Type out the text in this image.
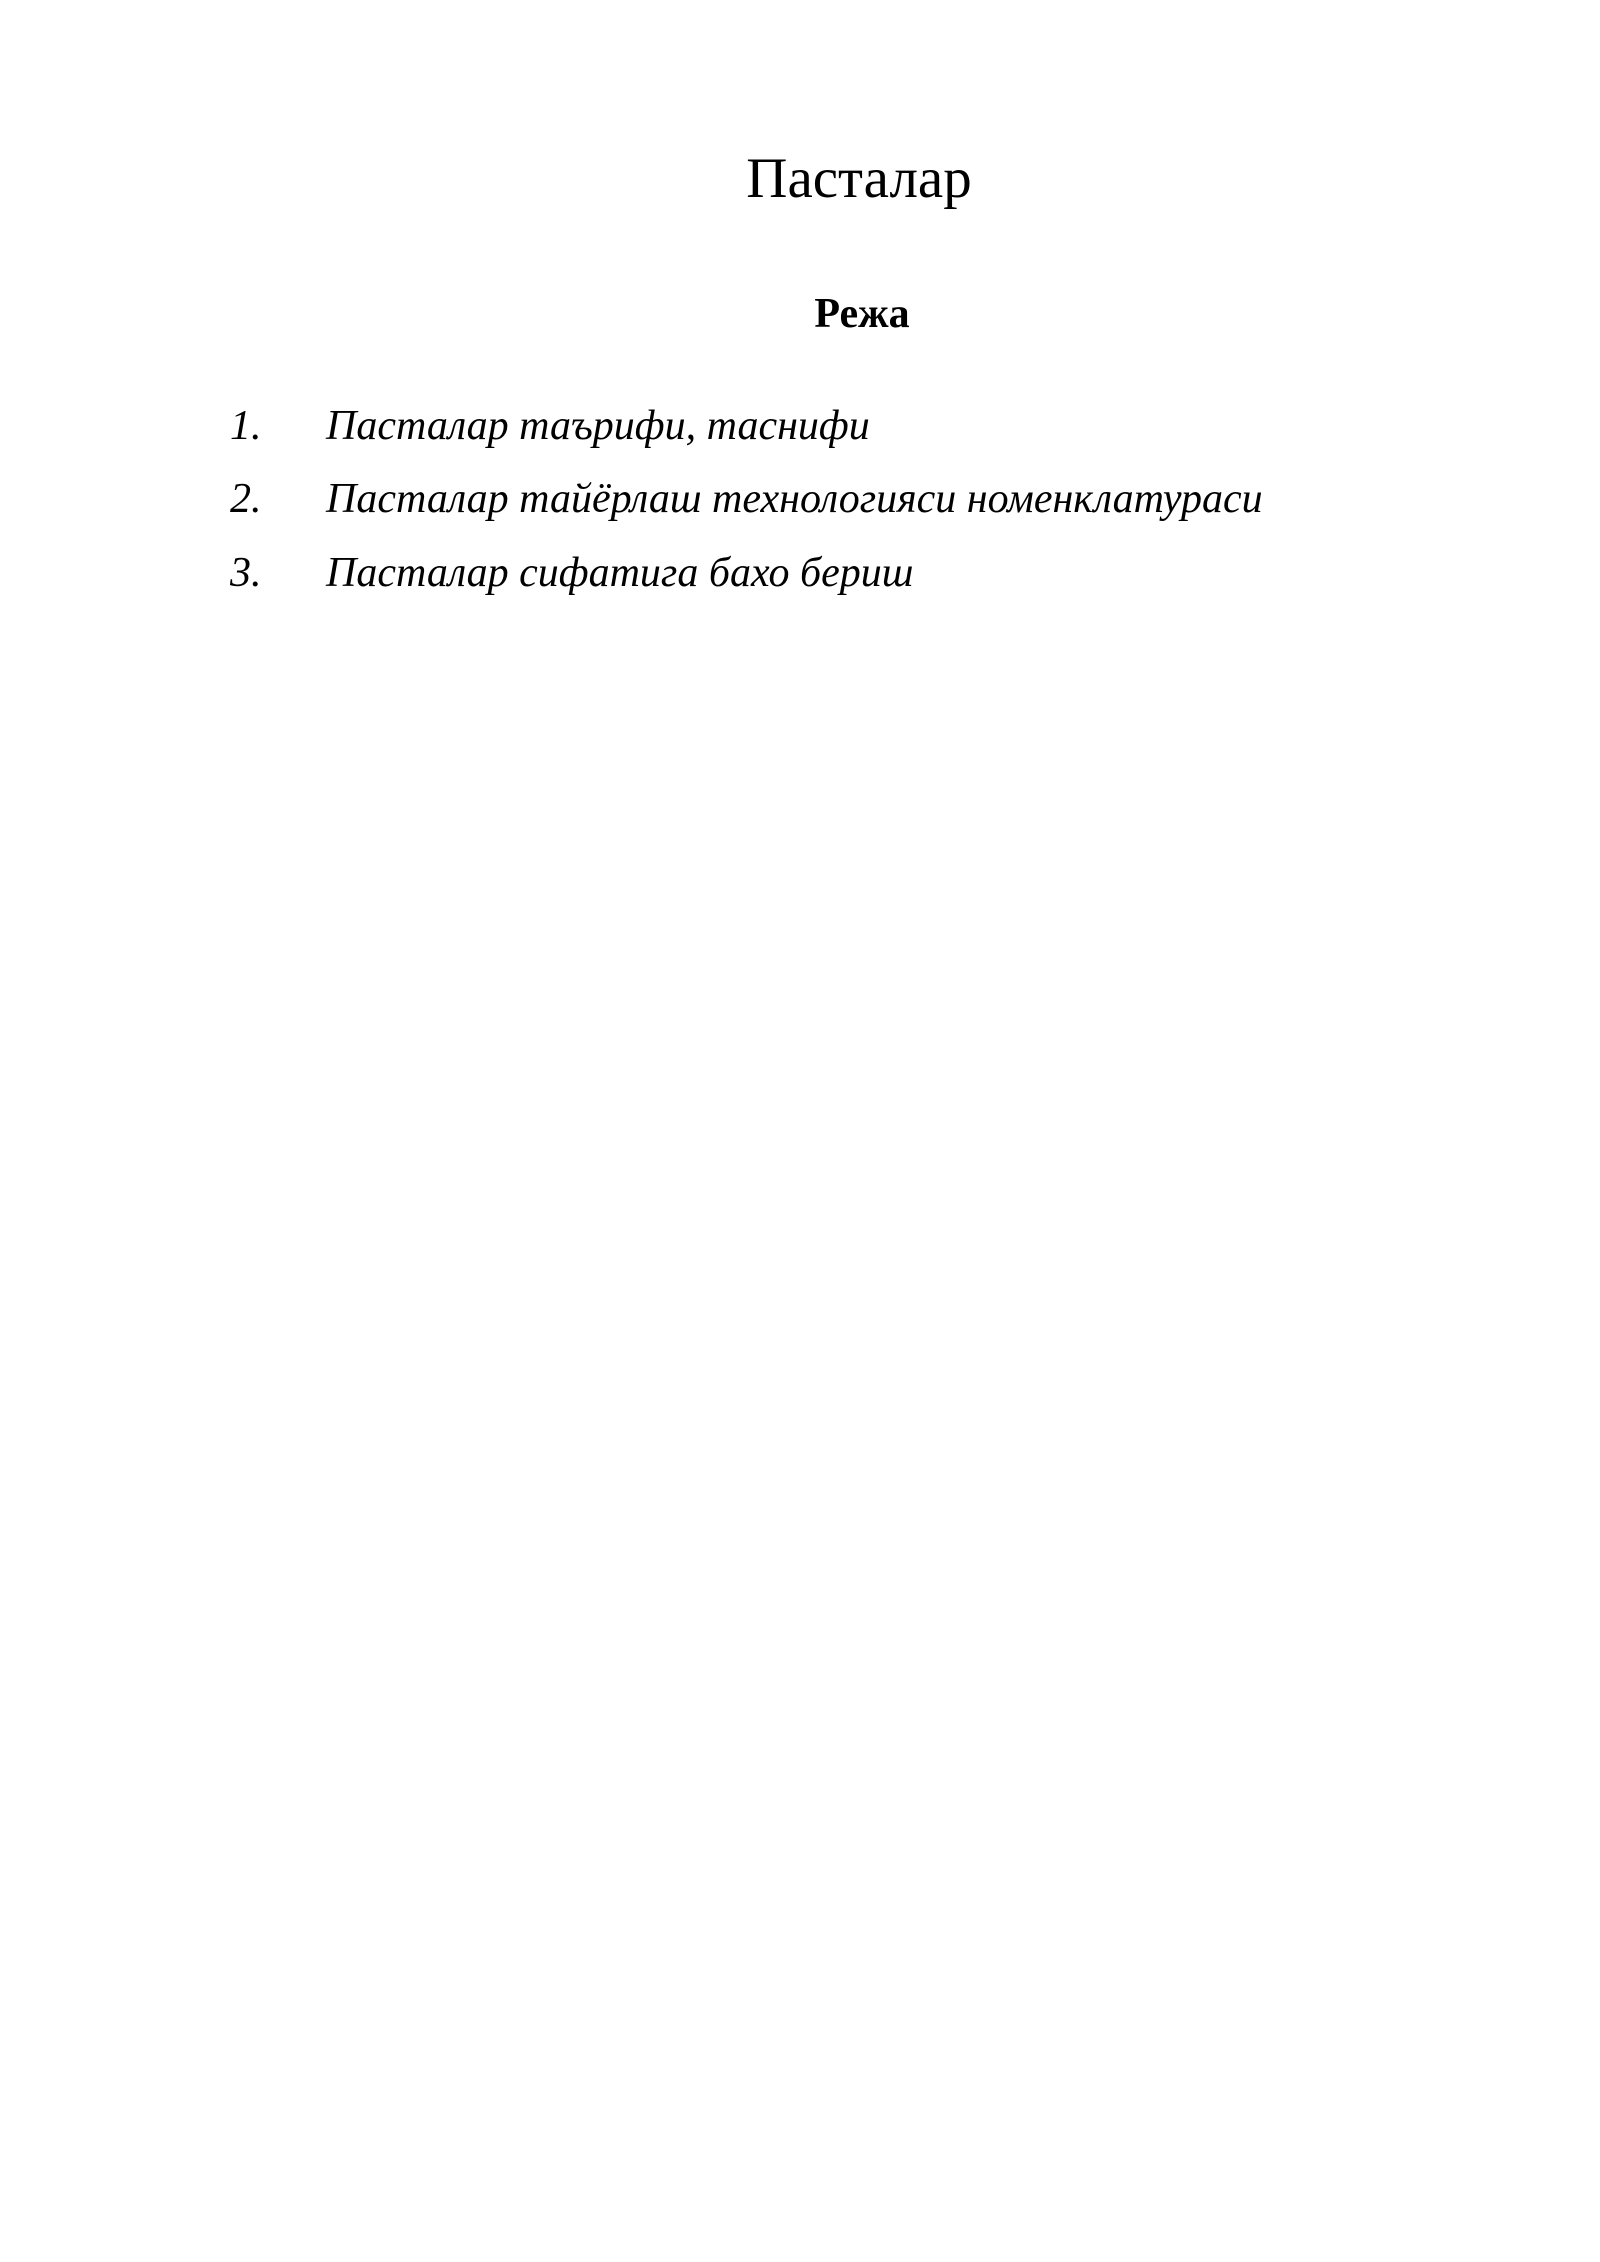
Пасталар
Режа
1. Пасталар таърифи, таснифи
2. Пасталар тайёрлаш технологияси номенклатураси
3. Пасталар сифатига бахо бериш
